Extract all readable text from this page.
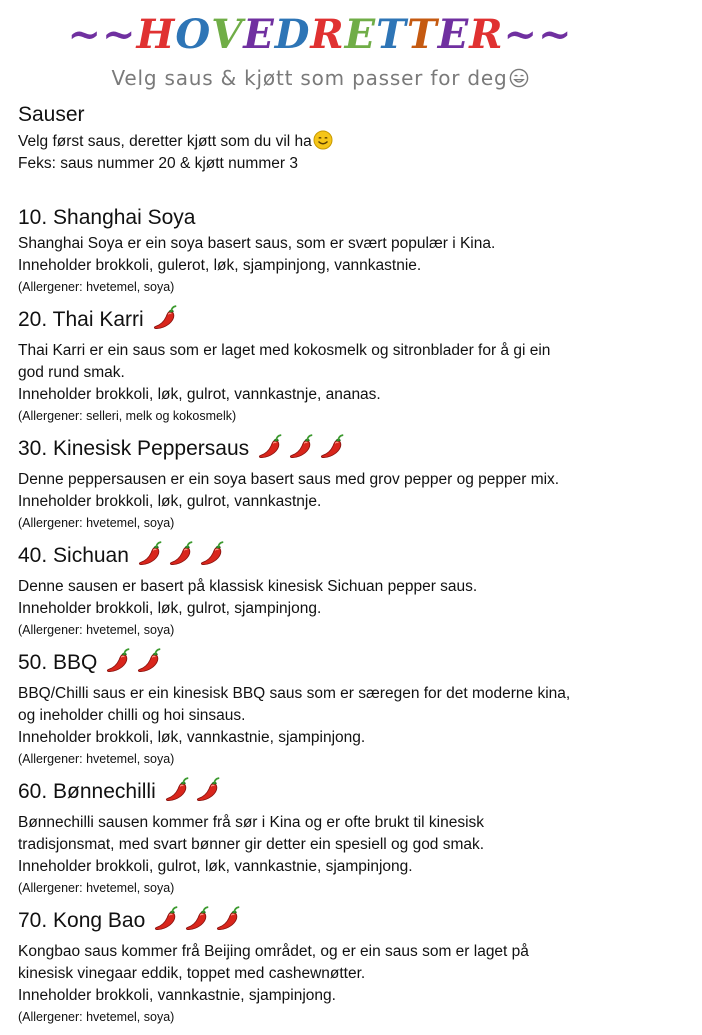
~~HOVEDRETTER~~
Velg saus & kjøtt som passer for deg

Sauser

Velg først saus, deretter kjøtt som du vil ha

Feks: saus nummer 20 & kjøtt nummer 3

10. Shanghai Soya

Shanghai Soya er ein soya basert saus, som er svært populær i Kina.

Inneholder brokkoli, gulerot, løk, sjampinjong, vannkastnie.

(Allergener: hvetemel, soya)

20. Thai Karri

Thai Karri er ein saus som er laget med kokosmelk og sitronblader for å gi ein

god rund smak.

Inneholder brokkoli, løk, gulrot, vannkastnje, ananas.

(Allergener: selleri, melk og kokosmelk)

30. Kinesisk Peppersaus

Denne peppersausen er ein soya basert saus med grov pepper og pepper mix.

Inneholder brokkoli, løk, gulrot, vannkastnje.

(Allergener: hvetemel, soya)

40. Sichuan

Denne sausen er basert på klassisk kinesisk Sichuan pepper saus.

Inneholder brokkoli, løk, gulrot, sjampinjong.

(Allergener: hvetemel, soya)

50. BBQ

BBQ/Chilli saus er ein kinesisk BBQ saus som er særegen for det moderne kina,

og ineholder chilli og hoi sinsaus.

Inneholder brokkoli, løk, vannkastnie, sjampinjong.

(Allergener: hvetemel, soya)

60. Bønnechilli

Bønnechilli sausen kommer frå sør i Kina og er ofte brukt til kinesisk

tradisjonsmat, med svart bønner gir detter ein spesiell og god smak.

Inneholder brokkoli, gulrot, løk, vannkastnie, sjampinjong.

(Allergener: hvetemel, soya)

70. Kong Bao

Kongbao saus kommer frå Beijing området, og er ein saus som er laget på

kinesisk vinegaar eddik, toppet med cashewnøtter.

Inneholder brokkoli, vannkastnie, sjampinjong.

(Allergener: hvetemel, soya)
